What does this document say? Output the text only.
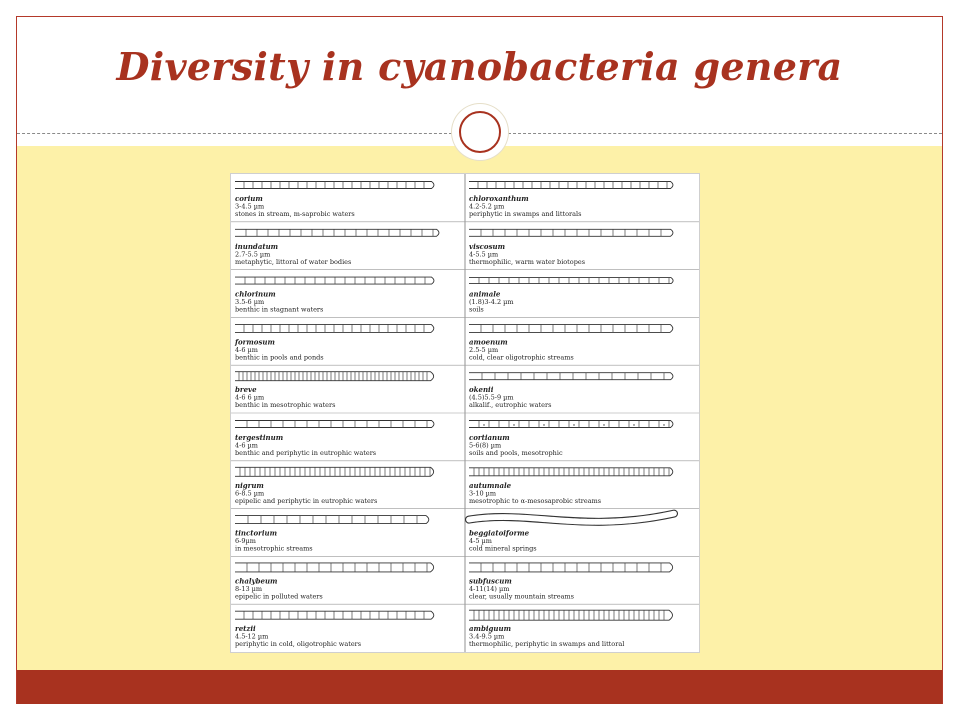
Diversity in cyanobacteria genera
corium
3-4.5 µm
stones in stream, m-saprobic waters
inundatum
2.7-5.5 µm
metaphytic, littoral of water bodies
chlorinum
3.5-6 µm
benthic in stagnant waters
formosum
4-6 µm
benthic in pools and ponds
breve
4-6 6 µm
benthic in mesotrophic waters
tergestinum
4-6 µm
benthic and periphytic in eutrophic waters
nigrum
6-8.5 µm
epipelic and periphytic in eutrophic waters
tinctorium
6-9µm
in mesotrophic streams
chalybeum
8-13 µm
epipelic in polluted waters
retzii
4.5-12 µm
periphytic in cold, oligotrophic waters
chloroxanthum
4.2-5.2 µm
periphytic in swamps and littorals
viscosum
4-5.5 µm
thermophilic, warm water biotopes
animale
(1.8)3-4.2 µm
soils
amoenum
2.5-5 µm
cold, clear oligotrophic streams
okenii
(4.5)5.5-9 µm
alkalif., eutrophic waters
cortianum
5-6(8) µm
soils and pools, mesotrophic
autumnale
3-10 µm
mesotrophic to α-mesosaprobic streams
beggiatoiforme
4-5 µm
cold mineral springs
subfuscum
4-11(14) µm
clear, usually mountain streams
ambiguum
3.4-9.5 µm
thermophilic, periphytic in swamps and littoral
